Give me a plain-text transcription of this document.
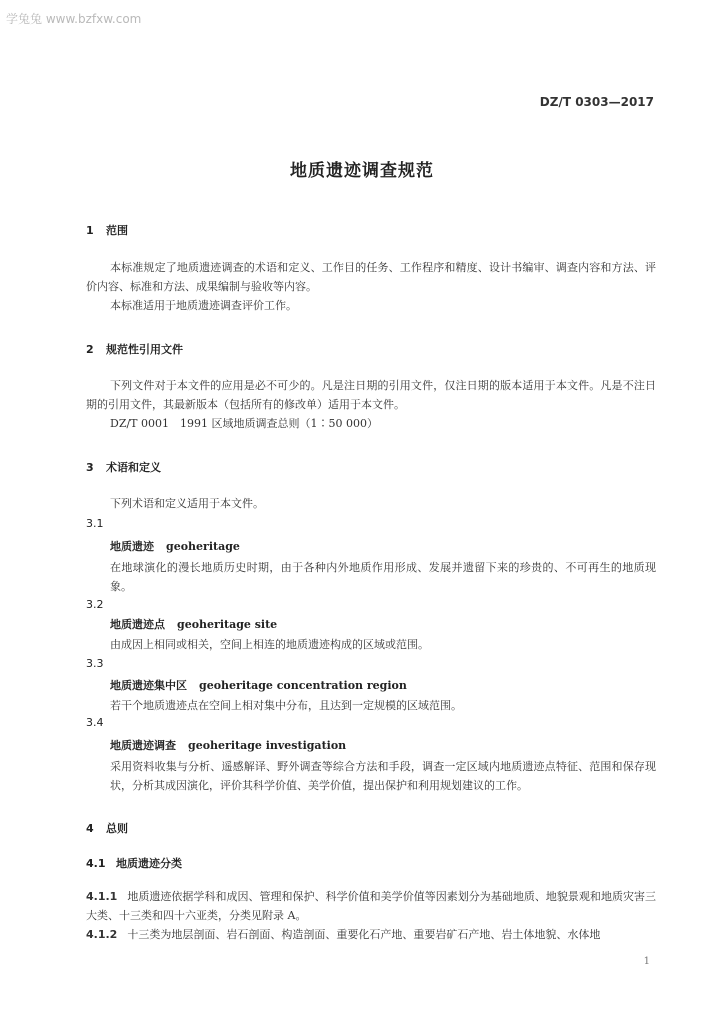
学兔兔 www.bzfxw.com
DZ/T 0303—2017
地质遗迹调查规范
1 范围
本标准规定了地质遗迹调查的术语和定义、工作目的任务、工作程序和精度、设计书编审、调查内容和方法、评价内容、标准和方法、成果编制与验收等内容。
本标准适用于地质遗迹调查评价工作。
2 规范性引用文件
下列文件对于本文件的应用是必不可少的。凡是注日期的引用文件，仅注日期的版本适用于本文件。凡是不注日期的引用文件，其最新版本（包括所有的修改单）适用于本文件。
DZ/T 0001　1991 区域地质调查总则（1∶50 000）
3 术语和定义
下列术语和定义适用于本文件。
3.1
地质遗迹 geoheritage
在地球演化的漫长地质历史时期，由于各种内外地质作用形成、发展并遗留下来的珍贵的、不可再生的地质现象。
3.2
地质遗迹点 geoheritage site
由成因上相同或相关，空间上相连的地质遗迹构成的区域或范围。
3.3
地质遗迹集中区 geoheritage concentration region
若干个地质遗迹点在空间上相对集中分布，且达到一定规模的区域范围。
3.4
地质遗迹调查 geoheritage investigation
采用资料收集与分析、遥感解译、野外调查等综合方法和手段，调查一定区域内地质遗迹点特征、范围和保存现状，分析其成因演化，评价其科学价值、美学价值，提出保护和利用规划建议的工作。
4 总则
4.1 地质遗迹分类
4.1.1 地质遗迹依据学科和成因、管理和保护、科学价值和美学价值等因素划分为基础地质、地貌景观和地质灾害三大类、十三类和四十六亚类，分类见附录 A。
4.1.2 十三类为地层剖面、岩石剖面、构造剖面、重要化石产地、重要岩矿石产地、岩土体地貌、水体地
1
